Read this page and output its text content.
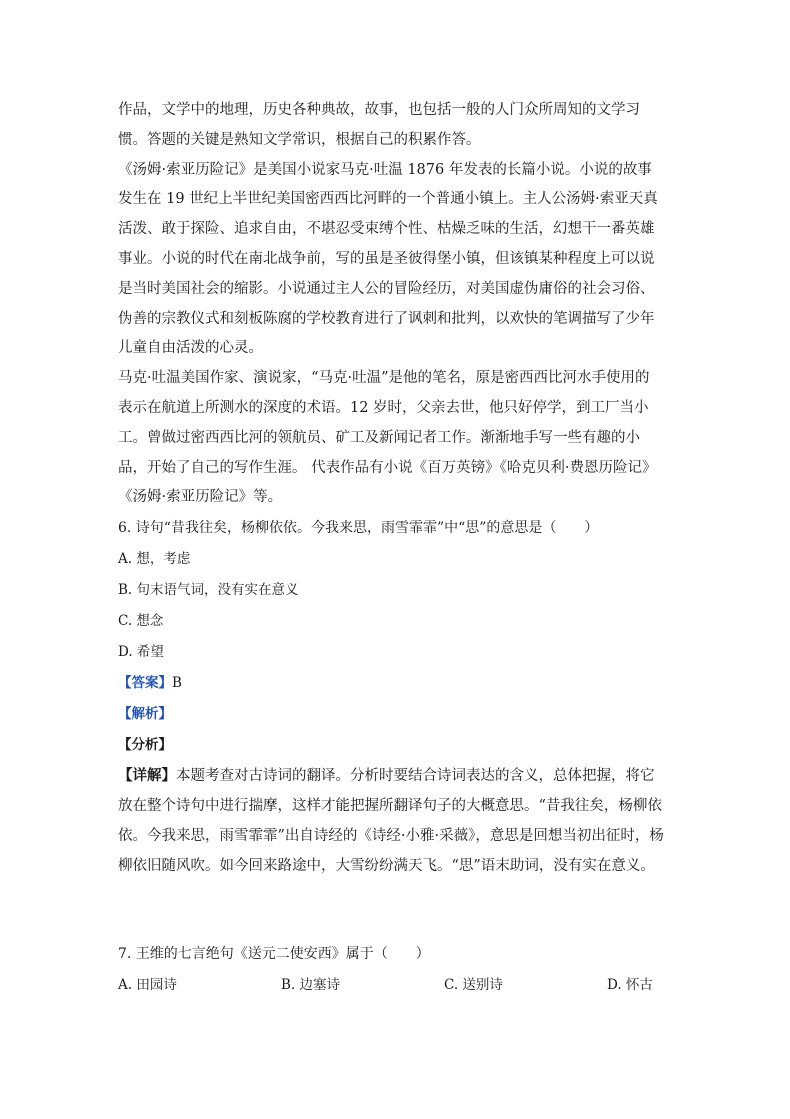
作品，文学中的地理，历史各种典故，故事，也包括一般的人门众所周知的文学习惯。答题的关键是熟知文学常识，根据自己的积累作答。

《汤姆·索亚历险记》是美国小说家马克·吐温 1876 年发表的长篇小说。小说的故事发生在 19 世纪上半世纪美国密西西比河畔的一个普通小镇上。主人公汤姆·索亚天真活泼、敢于探险、追求自由，不堪忍受束缚个性、枯燥乏味的生活，幻想干一番英雄事业。小说的时代在南北战争前，写的虽是圣彼得堡小镇，但该镇某种程度上可以说是当时美国社会的缩影。小说通过主人公的冒险经历，对美国虚伪庸俗的社会习俗、伪善的宗教仪式和刻板陈腐的学校教育进行了讽刺和批判，以欢快的笔调描写了少年儿童自由活泼的心灵。

马克·吐温美国作家、演说家，“马克·吐温”是他的笔名，原是密西西比河水手使用的表示在航道上所测水的深度的术语。12 岁时，父亲去世，他只好停学，到工厂当小工。曾做过密西西比河的领航员、矿工及新闻记者工作。渐渐地手写一些有趣的小品，开始了自己的写作生涯。 代表作品有小说《百万英镑》《哈克贝利·费恩历险记》《汤姆·索亚历险记》等。

6. 诗句“昔我往矣，杨柳依依。今我来思，雨雪霏霏”中“思”的意思是（　　）

A. 想，考虑

B. 句末语气词，没有实在意义

C. 想念

D. 希望

【答案】B

【解析】

【分析】

【详解】本题考查对古诗词的翻译。分析时要结合诗词表达的含义，总体把握，将它放在整个诗句中进行揣摩，这样才能把握所翻译句子的大概意思。“昔我往矣，杨柳依依。今我来思，雨雪霏霏”出自诗经的《诗经·小雅·采薇》，意思是回想当初出征时，杨柳依旧随风吹。如今回来路途中，大雪纷纷满天飞。“思”语末助词，没有实在意义。

7. 王维的七言绝句《送元二使安西》属于（　　）

A. 田园诗	B. 边塞诗	C. 送别诗	D. 怀古
